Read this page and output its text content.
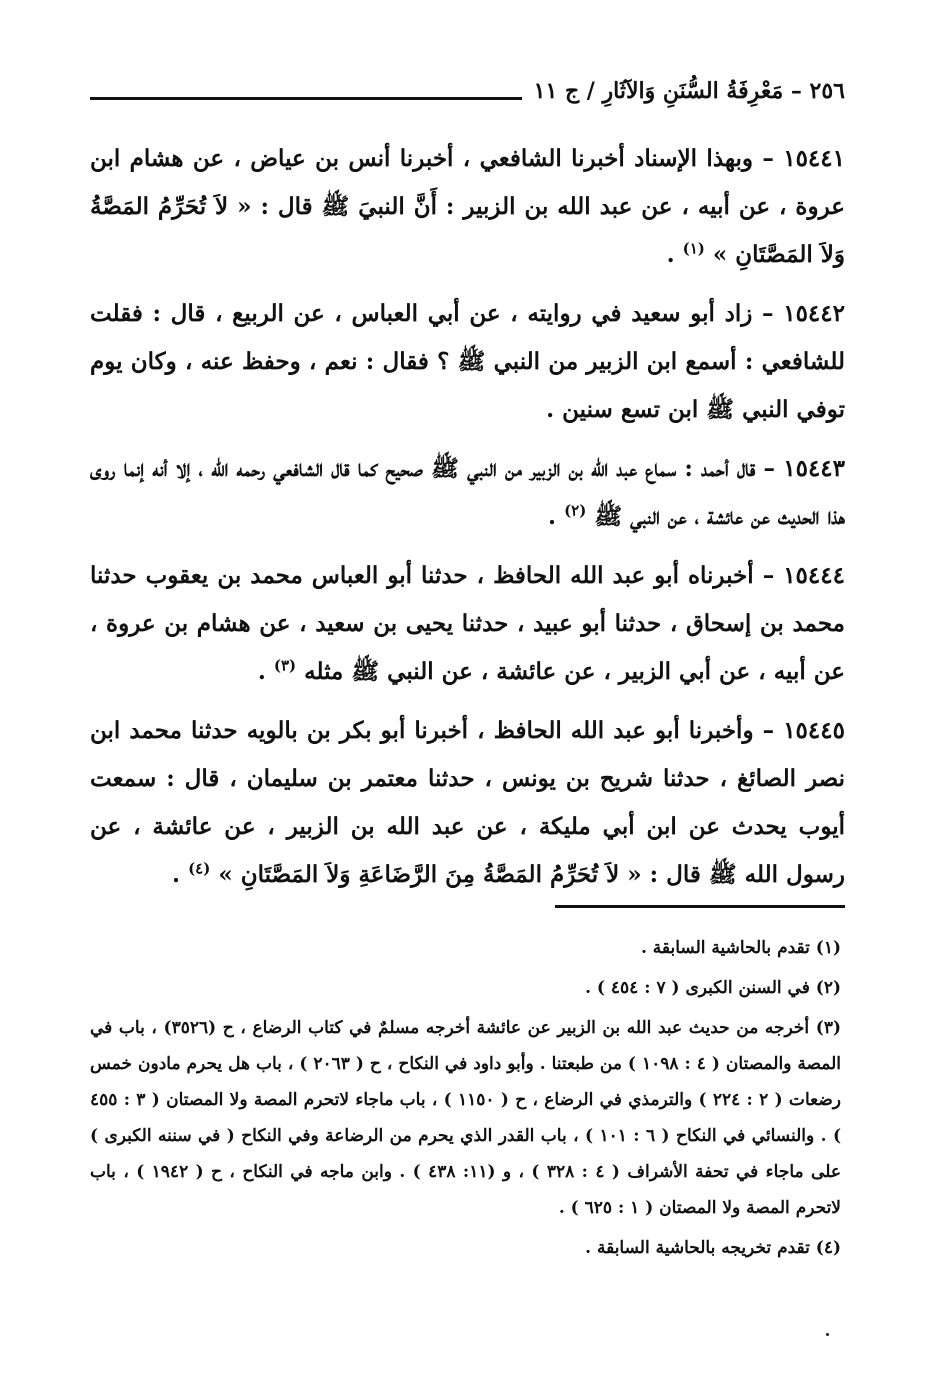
٢٥٦ – مَعْرِفَةُ السُّنَنِ وَالآثَارِ / ج ١١

١٥٤٤١ – وبهذا الإسناد أخبرنا الشافعي ، أخبرنا أنس بن عياض ، عن هشام ابن عروة ، عن أبيه ، عن عبد الله بن الزبير : أَنَّ النبيَ ﷺ قال : « لاَ تُحَرِّمُ المَصَّةُ وَلاَ المَصَّتَانِ » $^{(١)}$ .

١٥٤٤٢ – زاد أبو سعيد في روايته ، عن أبي العباس ، عن الربيع ، قال : فقلت للشافعي : أسمع ابن الزبير من النبي ﷺ ؟ فقال : نعم ، وحفظ عنه ، وكان يوم توفي النبي ﷺ ابن تسع سنين .

١٥٤٤٣ – قال أحمد : سماع عبد الله بن الزبير من النبي ﷺ صحيح كما قال الشافعي رحمه الله ، إلا أنه إنما روى هذا الحديث عن عائشة ، عن النبي ﷺ $^{(٢)}$ .

١٥٤٤٤ – أخبرناه أبو عبد الله الحافظ ، حدثنا أبو العباس محمد بن يعقوب حدثنا محمد بن إسحاق ، حدثنا أبو عبيد ، حدثنا يحيى بن سعيد ، عن هشام بن عروة ، عن أبيه ، عن أبي الزبير ، عن عائشة ، عن النبي ﷺ مثله $^{(٣)}$ .

١٥٤٤٥ – وأخبرنا أبو عبد الله الحافظ ، أخبرنا أبو بكر بن بالويه حدثنا محمد ابن نصر الصائغ ، حدثنا شريح بن يونس ، حدثنا معتمر بن سليمان ، قال : سمعت أيوب يحدث عن ابن أبي مليكة ، عن عبد الله بن الزبير ، عن عائشة ، عن رسول الله ﷺ قال : « لاَ تُحَرِّمُ المَصَّةُ مِنَ الرَّضَاعَةِ وَلاَ المَصَّتَانِ » $^{(٤)}$ .

(١) تقدم بالحاشية السابقة .

(٢) في السنن الكبرى ( ٧ : ٤٥٤ ) .

(٣) أخرجه من حديث عبد الله بن الزبير عن عائشة أخرجه مسلمٌ في كتاب الرضاع ، ح (٣٥٢٦) ، باب في المصة والمصتان ( ٤ : ١٠٩٨ ) من طبعتنا . وأبو داود في النكاح ، ح ( ٢٠٦٣ ) ، باب هل يحرم مادون خمس رضعات ( ٢ : ٢٢٤ ) والترمذي في الرضاع ، ح ( ١١٥٠ ) ، باب ماجاء لاتحرم المصة ولا المصتان ( ٣ : ٤٥٥ ) . والنسائي في النكاح ( ٦ : ١٠١ ) ، باب القدر الذي يحرم من الرضاعة وفي النكاح ( في سننه الكبرى ) على ماجاء في تحفة الأشراف ( ٤ : ٣٢٨ ) ، و (١١: ٤٣٨ ) . وابن ماجه في النكاح ، ح ( ١٩٤٢ ) ، باب لاتحرم المصة ولا المصتان ( ١ : ٦٢٥ ) .

(٤) تقدم تخريجه بالحاشية السابقة .
